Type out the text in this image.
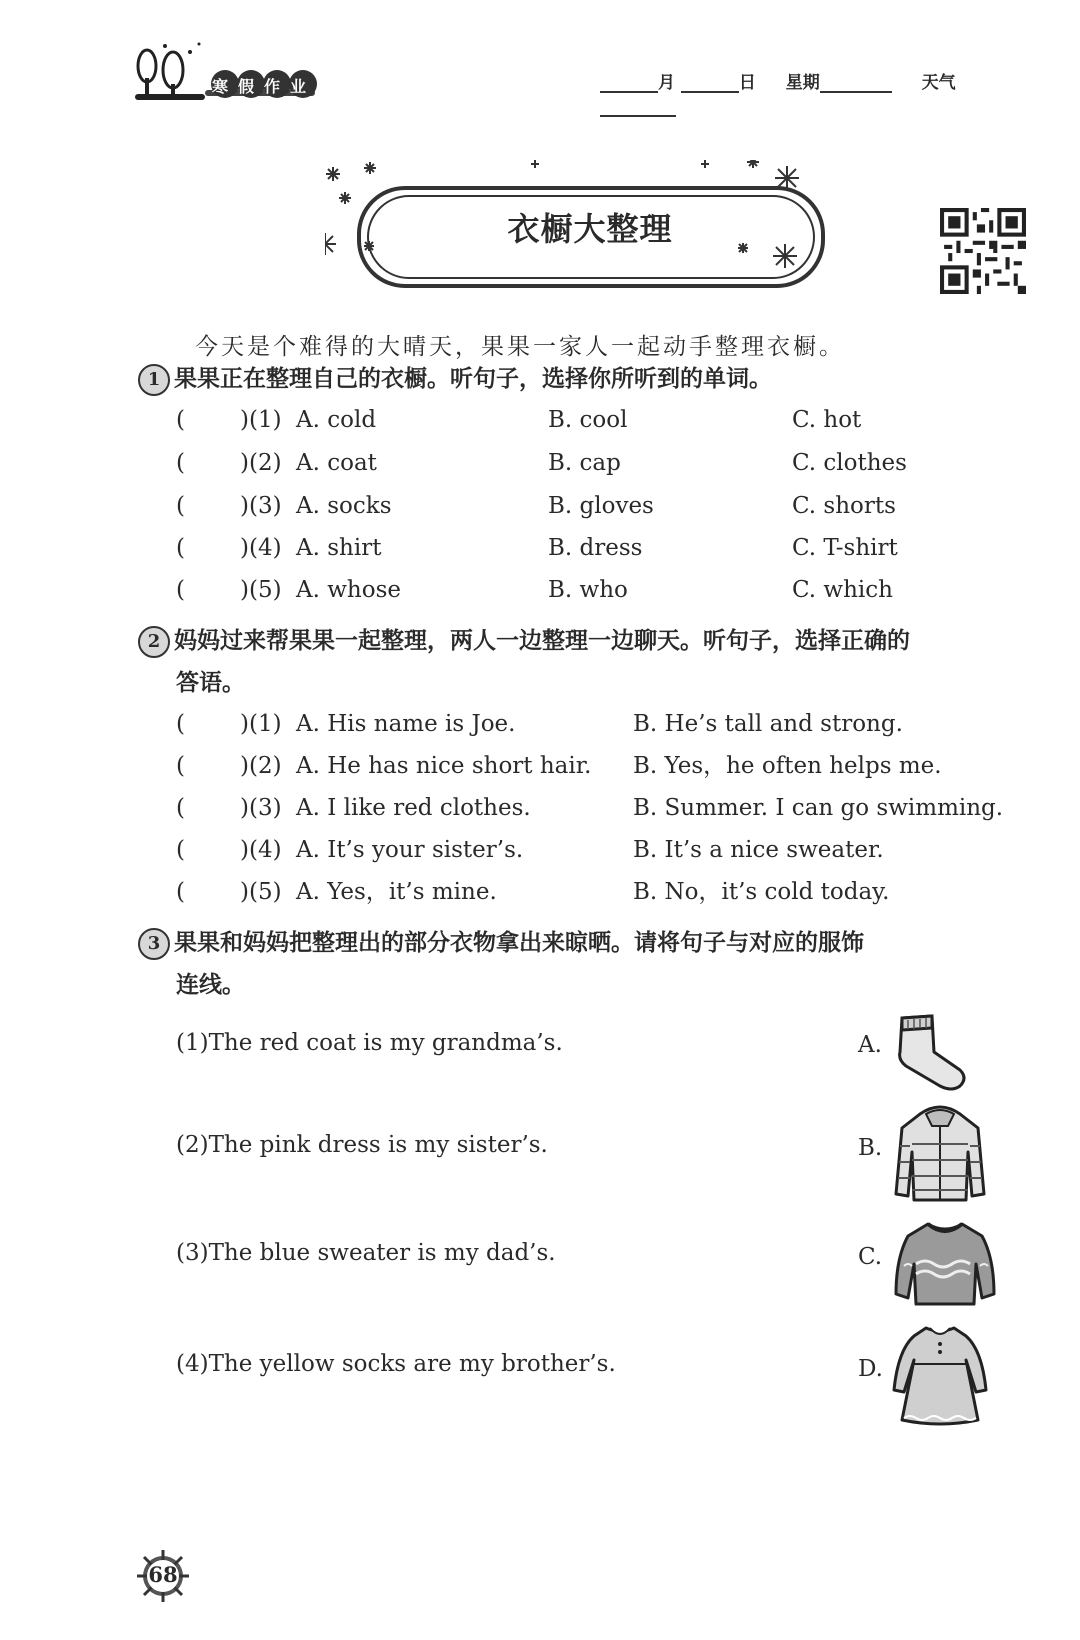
寒假作业	月	日 星期	天气
衣橱大整理
今天是个难得的大晴天，果果一家人一起动手整理衣橱。
1 果果正在整理自己的衣橱。听句子，选择你所听到的单词。
( )(1) A. cold	B. cool	C. hot
( )(2) A. coat	B. cap	C. clothes
( )(3) A. socks	B. gloves	C. shorts
( )(4) A. shirt	B. dress	C. T-shirt
( )(5) A. whose	B. who	C. which
2 妈妈过来帮果果一起整理，两人一边整理一边聊天。听句子，选择正确的
答语。
( )(1) A. His name is Joe.	B. He’s tall and strong.
( )(2) A. He has nice short hair. B. Yes，he often helps me.
( )(3) A. I like red clothes.	B. Summer. I can go swimming.
( )(4) A. It’s your sister’s.	B. It’s a nice sweater.
( )(5) A. Yes，it’s mine.	B. No，it’s cold today.
3 果果和妈妈把整理出的部分衣物拿出来晾晒。请将句子与对应的服饰
连线。
(1)The red coat is my grandma’s.
(2)The pink dress is my sister’s.
(3)The blue sweater is my dad’s.
(4)The yellow socks are my brother’s.
A.
B.
C.
D.
68
